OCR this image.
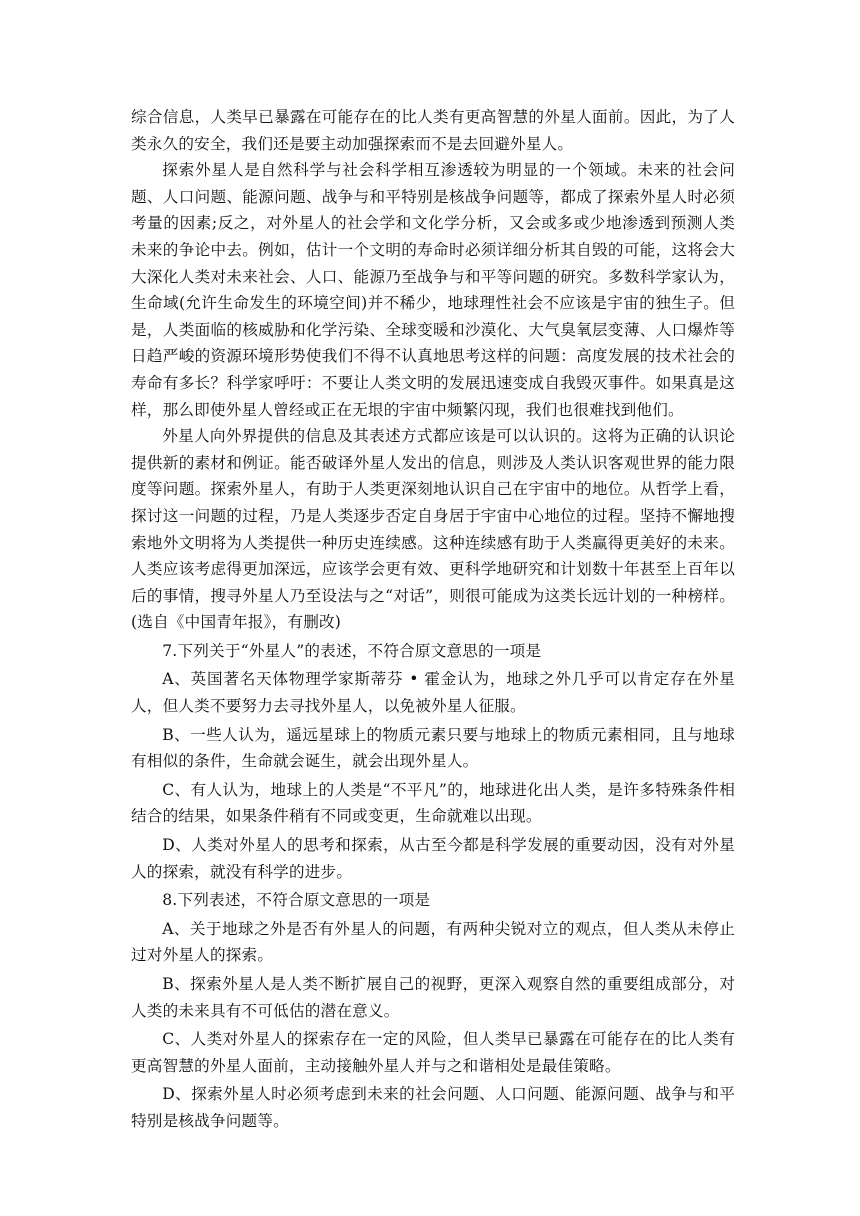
综合信息，人类早已暴露在可能存在的比人类有更高智慧的外星人面前。因此，为了人类永久的安全，我们还是要主动加强探索而不是去回避外星人。

探索外星人是自然科学与社会科学相互渗透较为明显的一个领域。未来的社会问题、人口问题、能源问题、战争与和平特别是核战争问题等，都成了探索外星人时必须考量的因素;反之，对外星人的社会学和文化学分析，又会或多或少地渗透到预测人类未来的争论中去。例如，估计一个文明的寿命时必须详细分析其自毁的可能，这将会大大深化人类对未来社会、人口、能源乃至战争与和平等问题的研究。多数科学家认为，生命域(允许生命发生的环境空间)并不稀少，地球理性社会不应该是宇宙的独生子。但是，人类面临的核威胁和化学污染、全球变暖和沙漠化、大气臭氧层变薄、人口爆炸等日趋严峻的资源环境形势使我们不得不认真地思考这样的问题：高度发展的技术社会的寿命有多长？科学家呼吁：不要让人类文明的发展迅速变成自我毁灭事件。如果真是这样，那么即使外星人曾经或正在无垠的宇宙中频繁闪现，我们也很难找到他们。

外星人向外界提供的信息及其表述方式都应该是可以认识的。这将为正确的认识论提供新的素材和例证。能否破译外星人发出的信息，则涉及人类认识客观世界的能力限度等问题。探索外星人，有助于人类更深刻地认识自己在宇宙中的地位。从哲学上看，探讨这一问题的过程，乃是人类逐步否定自身居于宇宙中心地位的过程。坚持不懈地搜索地外文明将为人类提供一种历史连续感。这种连续感有助于人类赢得更美好的未来。人类应该考虑得更加深远，应该学会更有效、更科学地研究和计划数十年甚至上百年以后的事情，搜寻外星人乃至设法与之“对话”，则很可能成为这类长远计划的一种榜样。(选自《中国青年报》，有删改)

7.下列关于“外星人”的表述，不符合原文意思的一项是

A、英国著名天体物理学家斯蒂芬 • 霍金认为，地球之外几乎可以肯定存在外星人，但人类不要努力去寻找外星人，以免被外星人征服。

B、一些人认为，遥远星球上的物质元素只要与地球上的物质元素相同，且与地球有相似的条件，生命就会诞生，就会出现外星人。

C、有人认为，地球上的人类是“不平凡”的，地球进化出人类，是许多特殊条件相结合的结果，如果条件稍有不同或变更，生命就难以出现。

D、人类对外星人的思考和探索，从古至今都是科学发展的重要动因，没有对外星人的探索，就没有科学的进步。

8.下列表述，不符合原文意思的一项是

A、关于地球之外是否有外星人的问题，有两种尖锐对立的观点，但人类从未停止过对外星人的探索。

B、探索外星人是人类不断扩展自己的视野，更深入观察自然的重要组成部分，对人类的未来具有不可低估的潜在意义。

C、人类对外星人的探索存在一定的风险，但人类早已暴露在可能存在的比人类有更高智慧的外星人面前，主动接触外星人并与之和谐相处是最佳策略。

D、探索外星人时必须考虑到未来的社会问题、人口问题、能源问题、战争与和平特别是核战争问题等。
